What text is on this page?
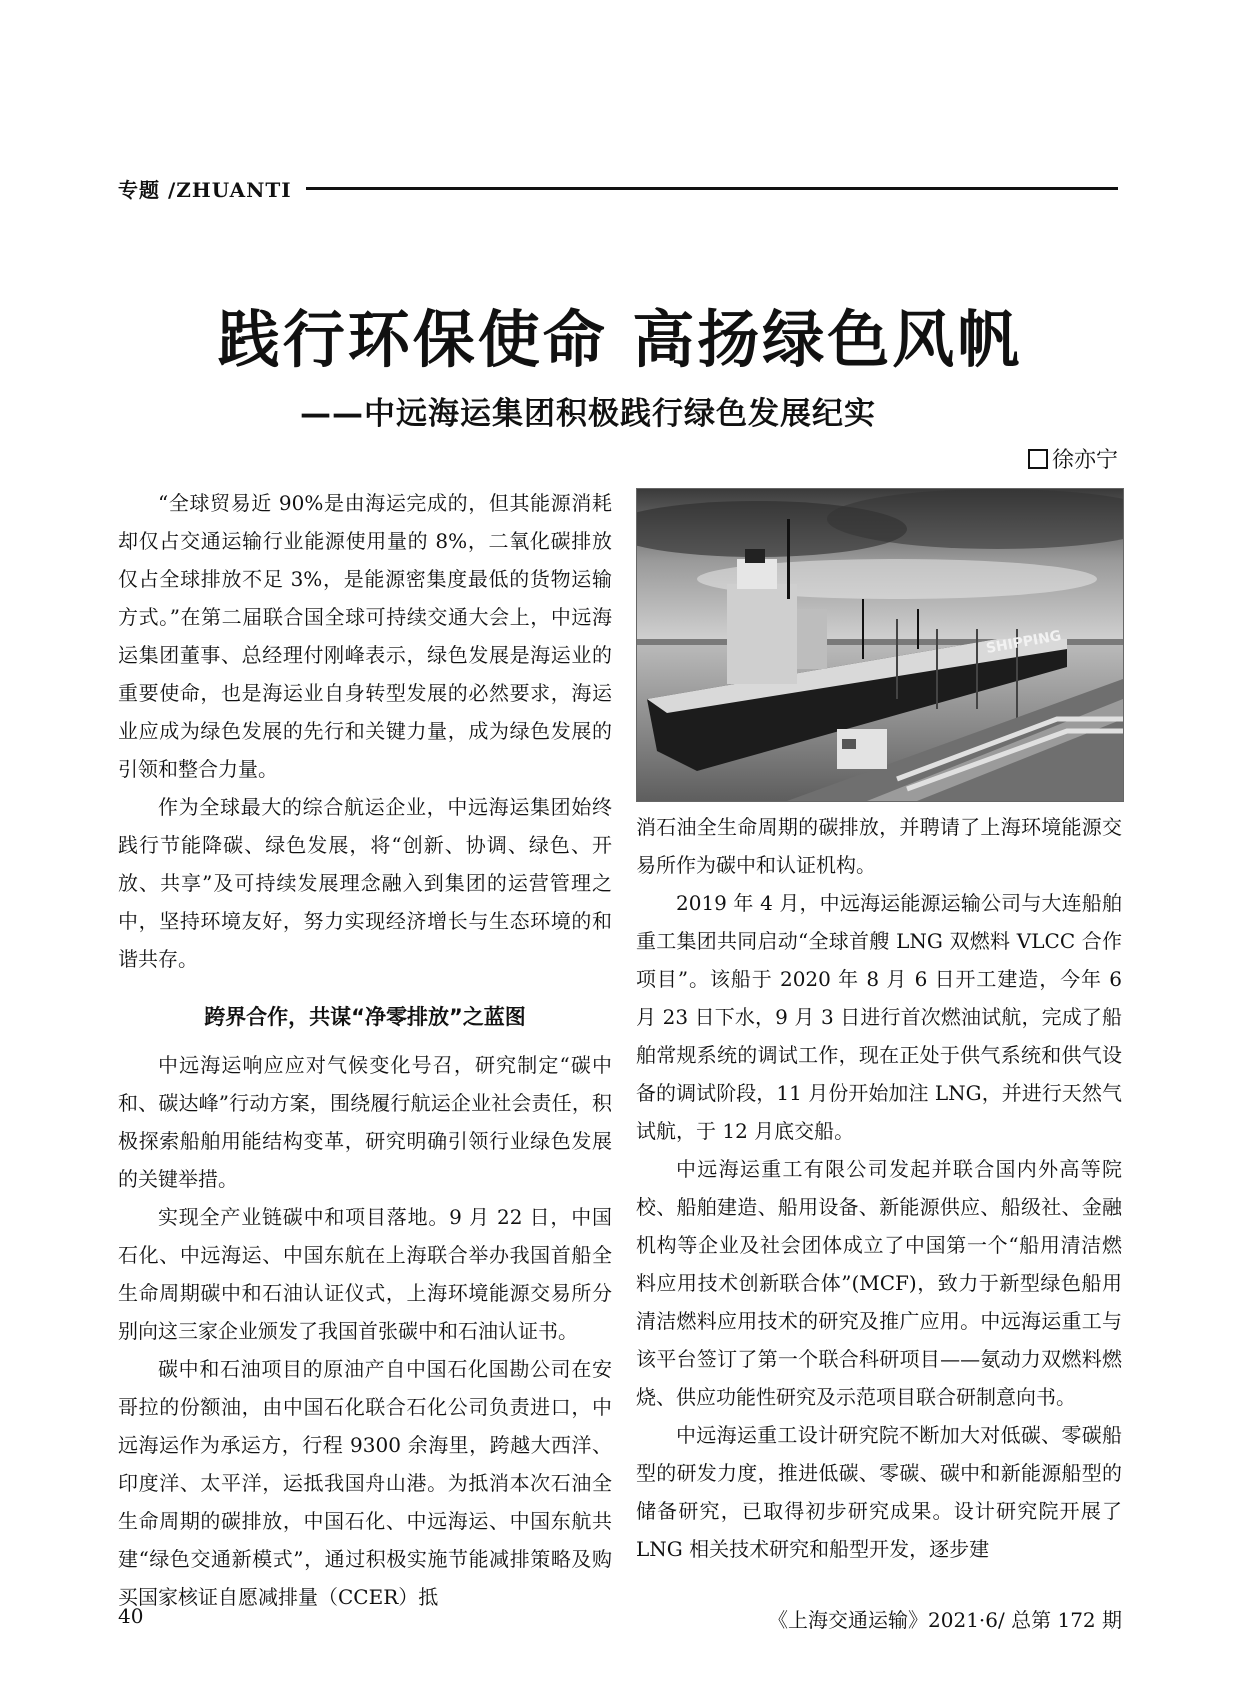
专题 /ZHUANTI
践行环保使命 高扬绿色风帆
——中远海运集团积极践行绿色发展纪实
徐亦宁

“全球贸易近 90%是由海运完成的，但其能源消耗却仅占交通运输行业能源使用量的 8%，二氧化碳排放仅占全球排放不足 3%，是能源密集度最低的货物运输方式。”在第二届联合国全球可持续交通大会上，中远海运集团董事、总经理付刚峰表示，绿色发展是海运业的重要使命，也是海运业自身转型发展的必然要求，海运业应成为绿色发展的先行和关键力量，成为绿色发展的引领和整合力量。

作为全球最大的综合航运企业，中远海运集团始终践行节能降碳、绿色发展，将“创新、协调、绿色、开放、共享”及可持续发展理念融入到集团的运营管理之中，坚持环境友好，努力实现经济增长与生态环境的和谐共存。

跨界合作，共谋“净零排放”之蓝图

中远海运响应应对气候变化号召，研究制定“碳中和、碳达峰”行动方案，围绕履行航运企业社会责任，积极探索船舶用能结构变革，研究明确引领行业绿色发展的关键举措。

实现全产业链碳中和项目落地。9 月 22 日，中国石化、中远海运、中国东航在上海联合举办我国首船全生命周期碳中和石油认证仪式，上海环境能源交易所分别向这三家企业颁发了我国首张碳中和石油认证书。

碳中和石油项目的原油产自中国石化国勘公司在安哥拉的份额油，由中国石化联合石化公司负责进口，中远海运作为承运方，行程 9300 余海里，跨越大西洋、印度洋、太平洋，运抵我国舟山港。为抵消本次石油全生命周期的碳排放，中国石化、中远海运、中国东航共建“绿色交通新模式”，通过积极实施节能减排策略及购买国家核证自愿减排量（CCER）抵

SHIPPING

消石油全生命周期的碳排放，并聘请了上海环境能源交易所作为碳中和认证机构。

2019 年 4 月，中远海运能源运输公司与大连船舶重工集团共同启动“全球首艘 LNG 双燃料 VLCC 合作项目”。该船于 2020 年 8 月 6 日开工建造，今年 6 月 23 日下水，9 月 3 日进行首次燃油试航，完成了船舶常规系统的调试工作，现在正处于供气系统和供气设备的调试阶段，11 月份开始加注 LNG，并进行天然气试航，于 12 月底交船。

中远海运重工有限公司发起并联合国内外高等院校、船舶建造、船用设备、新能源供应、船级社、金融机构等企业及社会团体成立了中国第一个“船用清洁燃料应用技术创新联合体”(MCF)，致力于新型绿色船用清洁燃料应用技术的研究及推广应用。中远海运重工与该平台签订了第一个联合科研项目——氨动力双燃料燃烧、供应功能性研究及示范项目联合研制意向书。

中远海运重工设计研究院不断加大对低碳、零碳船型的研发力度，推进低碳、零碳、碳中和新能源船型的储备研究，已取得初步研究成果。设计研究院开展了 LNG 相关技术研究和船型开发，逐步建

40	《上海交通运输》2021·6/ 总第 172 期
